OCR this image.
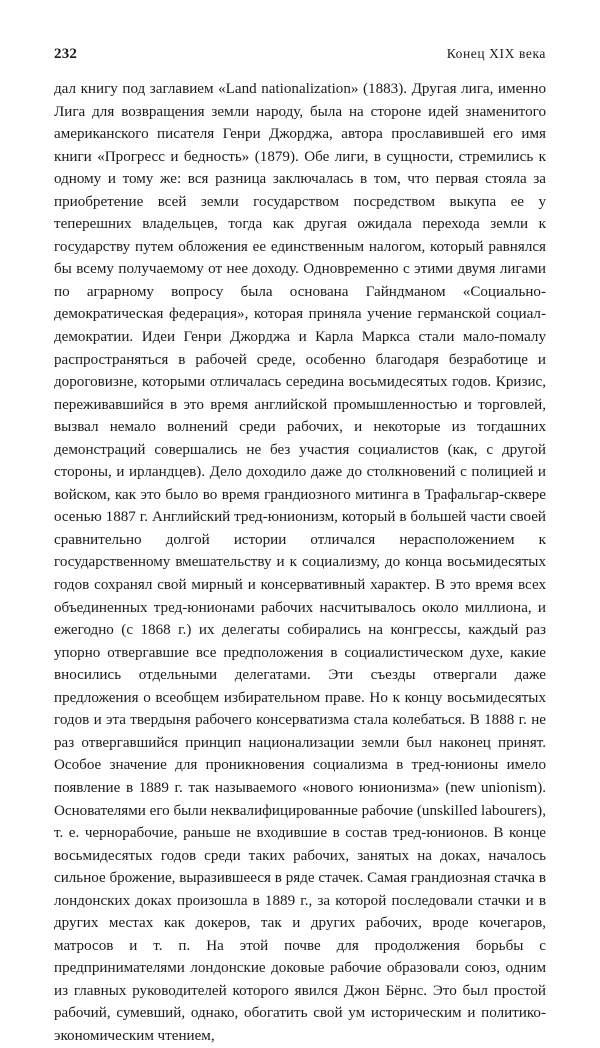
232	Конец XIX века

дал книгу под заглавием «Land nationalization» (1883). Другая лига, именно Лига для возвращения земли народу, была на стороне идей знаменитого американского писателя Генри Джорджа, автора прославившей его имя книги «Прогресс и бедность» (1879). Обе лиги, в сущности, стремились к одному и тому же: вся разница заключалась в том, что первая стояла за приобретение всей земли государством посредством выкупа ее у теперешних владельцев, тогда как другая ожидала перехода земли к государству путем обложения ее единственным налогом, который равнялся бы всему получаемому от нее доходу. Одновременно с этими двумя лигами по аграрному вопросу была основана Гайндманом «Социально-демократическая федерация», которая приняла учение германской социал-демократии. Идеи Генри Джорджа и Карла Маркса стали мало-помалу распространяться в рабочей среде, особенно благодаря безработице и дороговизне, которыми отличалась середина восьмидесятых годов. Кризис, переживавшийся в это время английской промышленностью и торговлей, вызвал немало волнений среди рабочих, и некоторые из тогдашних демонстраций совершались не без участия социалистов (как, с другой стороны, и ирландцев). Дело доходило даже до столкновений с полицией и войском, как это было во время грандиозного митинга в Трафальгар-сквере осенью 1887 г. Английский тред-юнионизм, который в большей части своей сравнительно долгой истории отличался нерасположением к государственному вмешательству и к социализму, до конца восьмидесятых годов сохранял свой мирный и консервативный характер. В это время всех объединенных тред-юнионами рабочих насчитывалось около миллиона, и ежегодно (с 1868 г.) их делегаты собирались на конгрессы, каждый раз упорно отвергавшие все предположения в социалистическом духе, какие вносились отдельными делегатами. Эти съезды отвергали даже предложения о всеобщем избирательном праве. Но к концу восьмидесятых годов и эта твердыня рабочего консерватизма стала колебаться. В 1888 г. не раз отвергавшийся принцип национализации земли был наконец принят. Особое значение для проникновения социализма в тред-юнионы имело появление в 1889 г. так называемого «нового юнионизма» (new unionism). Основателями его были неквалифицированные рабочие (unskilled labourers), т. е. чернорабочие, раньше не входившие в состав тред-юнионов. В конце восьмидесятых годов среди таких рабочих, занятых на доках, началось сильное брожение, выразившееся в ряде стачек. Самая грандиозная стачка в лондонских доках произошла в 1889 г., за которой последовали стачки и в других местах как докеров, так и других рабочих, вроде кочегаров, матросов и т. п. На этой почве для продолжения борьбы с предпринимателями лондонские доковые рабочие образовали союз, одним из главных руководителей которого явился Джон Бёрнс. Это был простой рабочий, сумевший, однако, обогатить свой ум историческим и политико-экономическим чтением,
